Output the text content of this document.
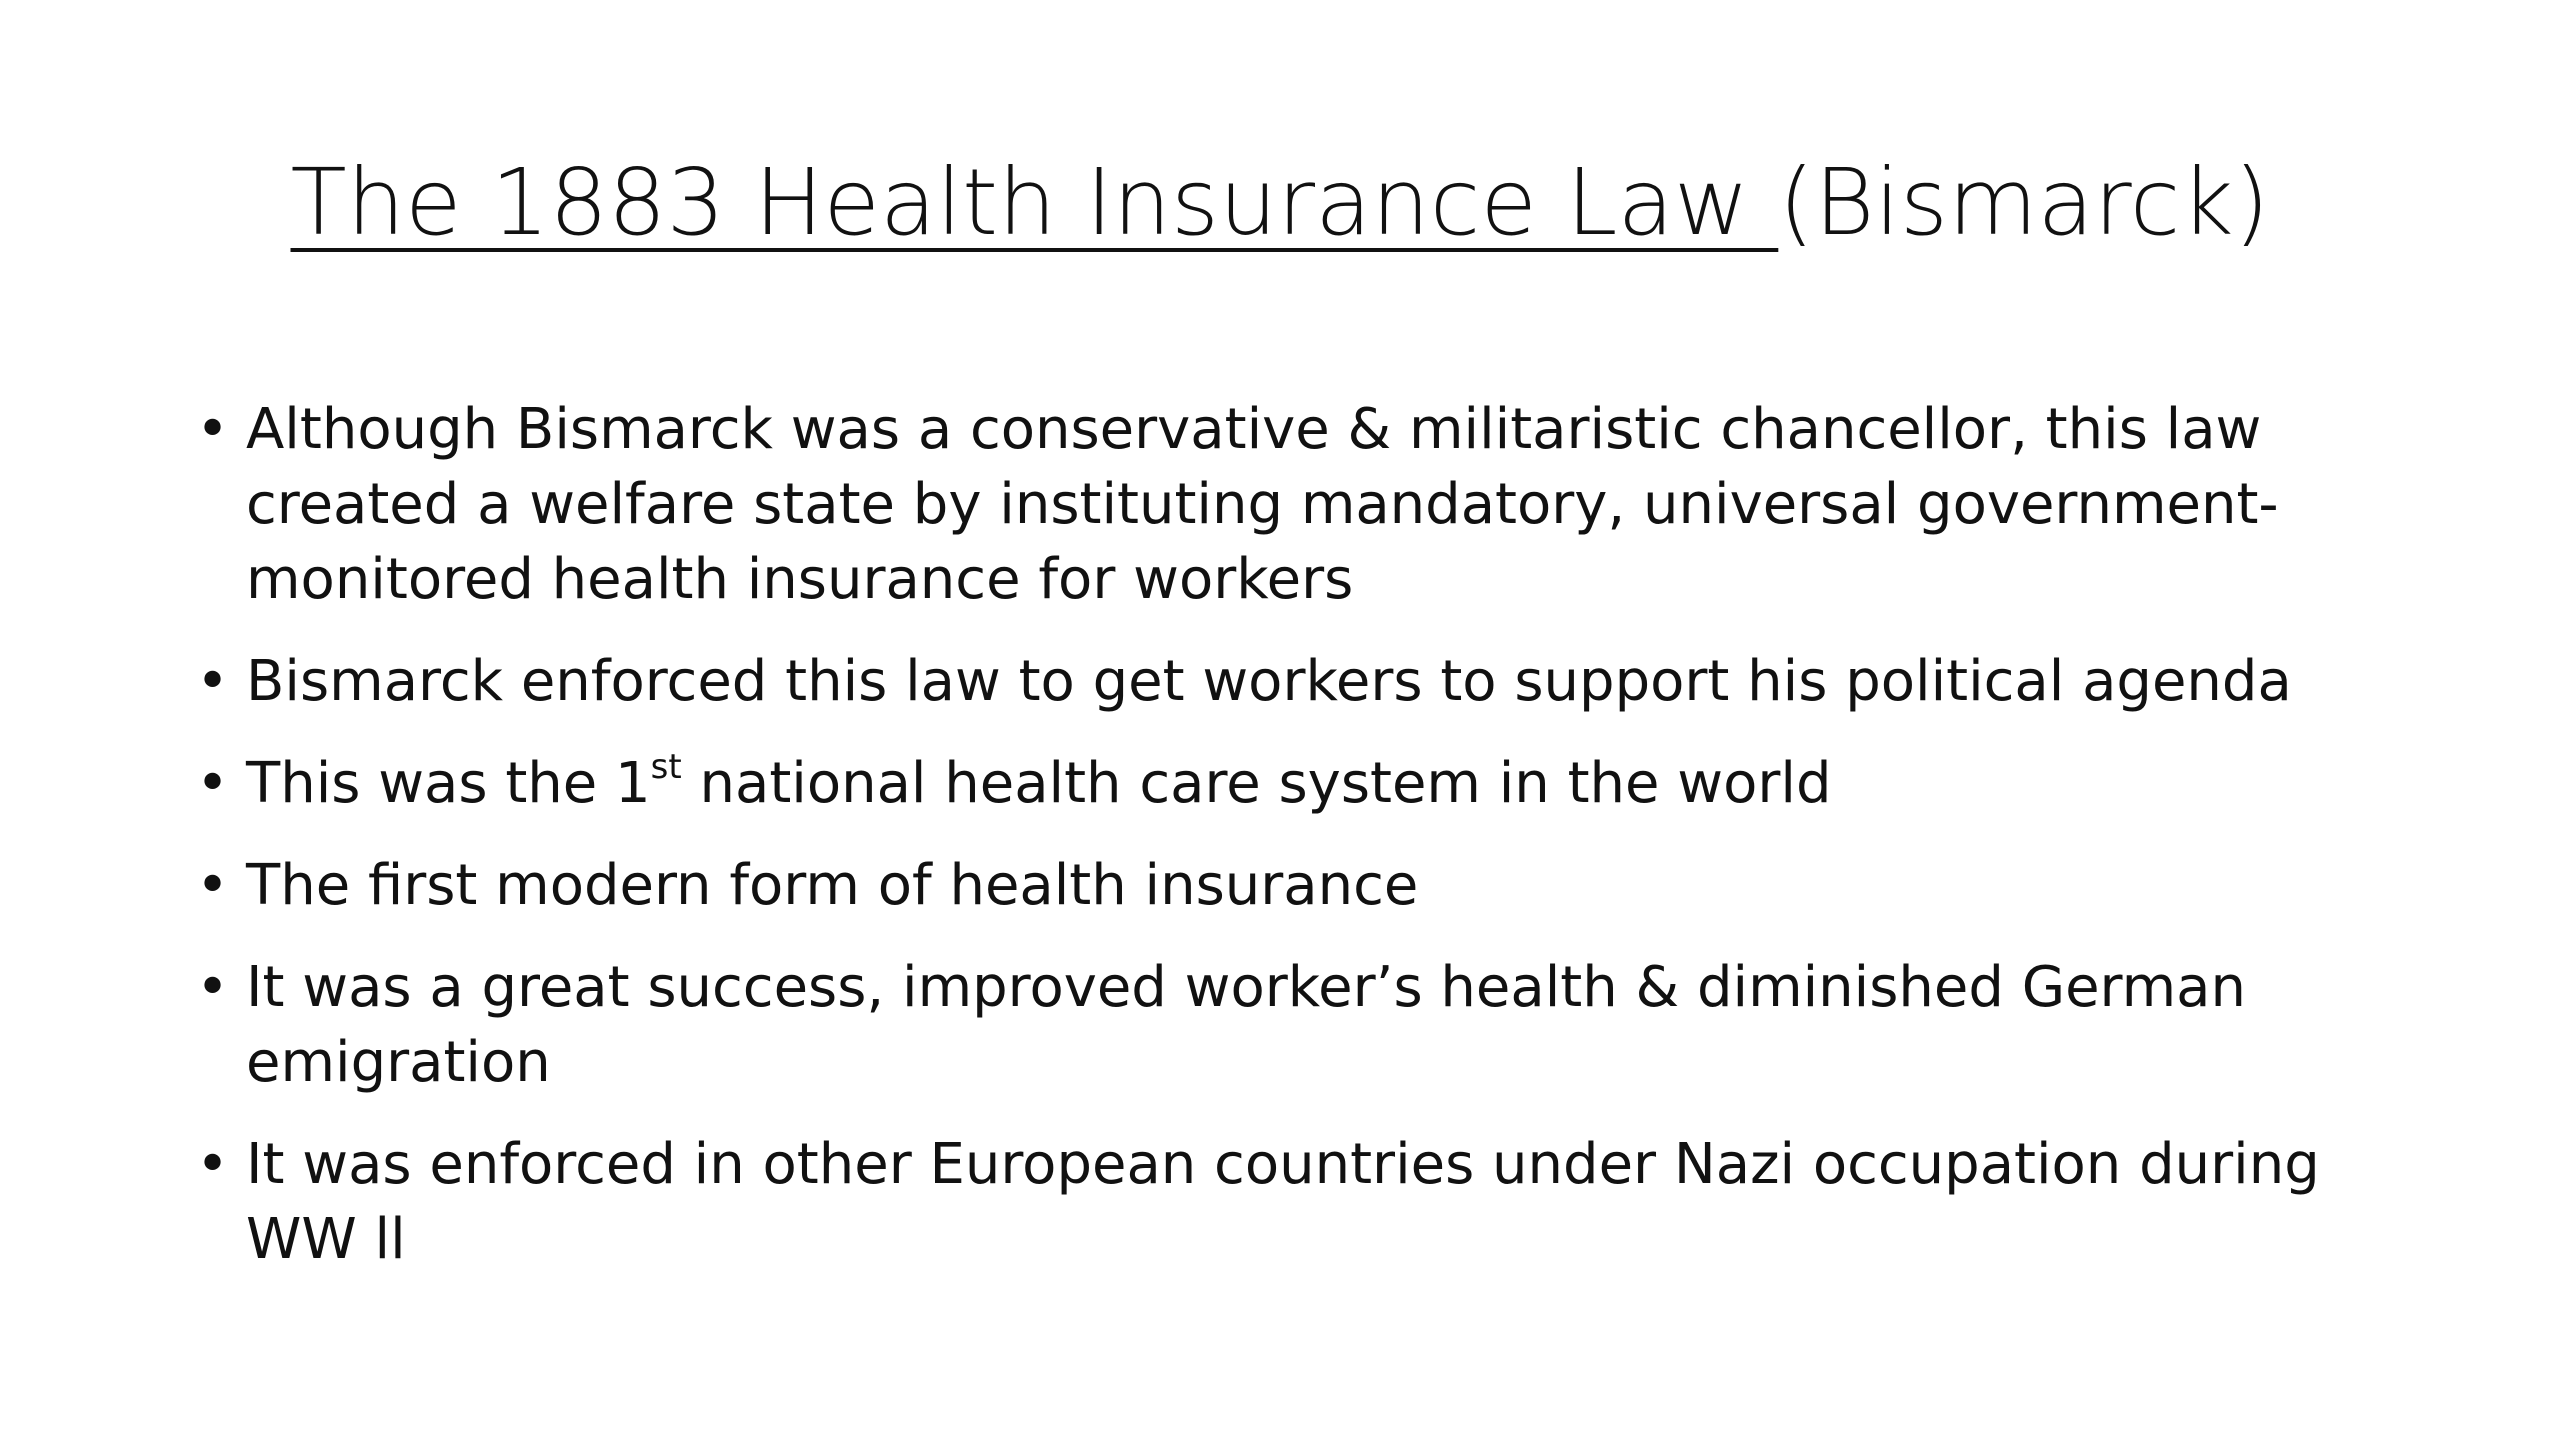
The 1883 Health Insurance Law (Bismarck)
• Although Bismarck was a conservative & militaristic chancellor, this law created a welfare state by instituting mandatory, universal government-monitored health insurance for workers
• Bismarck enforced this law to get workers to support his political agenda
• This was the 1st national health care system in the world
• The first modern form of health insurance
• It was a great success, improved worker’s health & diminished German emigration
• It was enforced in other European countries under Nazi occupation during WW ll
